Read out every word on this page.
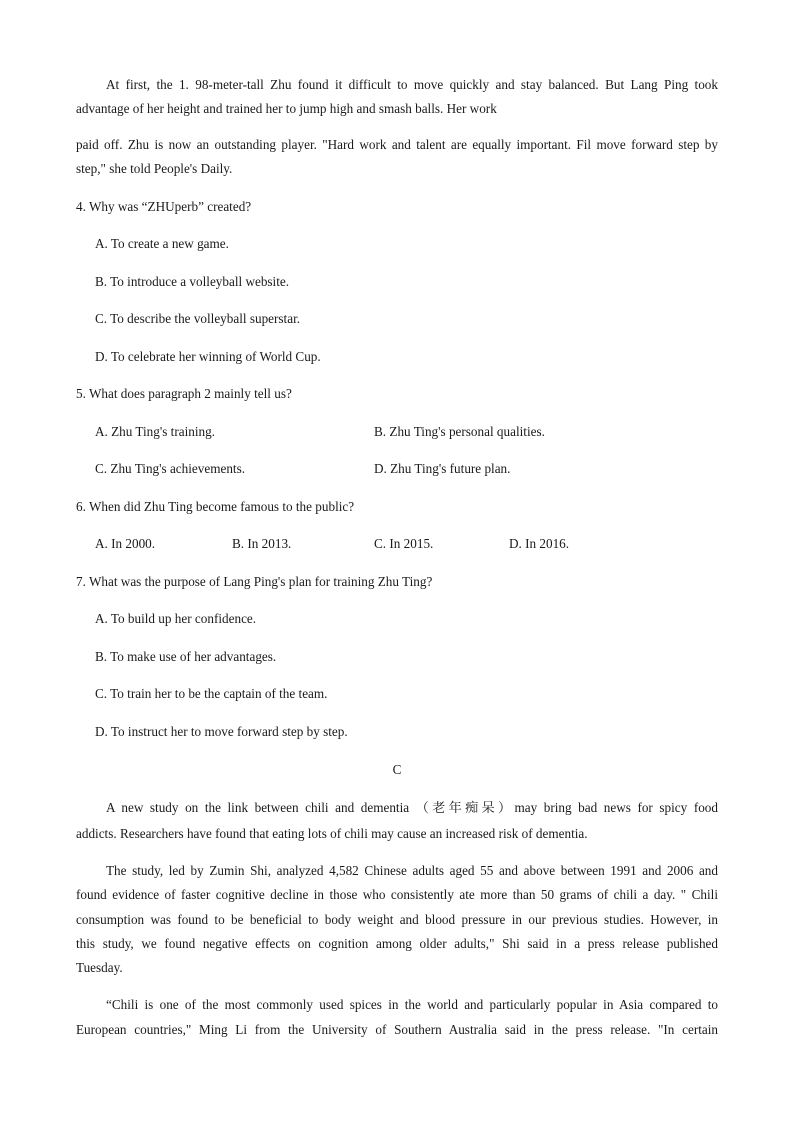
At first, the 1. 98-meter-tall Zhu found it difficult to move quickly and stay balanced. But Lang Ping took
advantage of her height and trained her to jump high and smash balls. Her work
paid off. Zhu is now an outstanding player. "Hard work and talent are equally important. Fil move forward step by
step," she told People's Daily.
4. Why was “ZHUperb” created?
A. To create a new game.
B. To introduce a volleyball website.
C. To describe the volleyball superstar.
D. To celebrate her winning of World Cup.
5. What does paragraph 2 mainly tell us?
A. Zhu Ting's training.	B. Zhu Ting's personal qualities.
C. Zhu Ting's achievements.	D. Zhu Ting's future plan.
6. When did Zhu Ting become famous to the public?
A. In 2000.	B. In 2013.	C. In 2015.	D. In 2016.
7. What was the purpose of Lang Ping's plan for training Zhu Ting?
A. To build up her confidence.
B. To make use of her advantages.
C. To train her to be the captain of the team.
D. To instruct her to move forward step by step.
C
A new study on the link between chili and dementia （老年痴呆）may bring bad news for spicy food
addicts. Researchers have found that eating lots of chili may cause an increased risk of dementia.
The study, led by Zumin Shi, analyzed 4,582 Chinese adults aged 55 and above between 1991 and 2006 and
found evidence of faster cognitive decline in those who consistently ate more than 50 grams of chili a day. " Chili
consumption was found to be beneficial to body weight and blood pressure in our previous studies. However, in
this study, we found negative effects on cognition among older adults," Shi said in a press release published
Tuesday.
“Chili is one of the most commonly used spices in the world and particularly popular in Asia compared to
European countries," Ming Li from the University of Southern Australia said in the press release. "In certain
